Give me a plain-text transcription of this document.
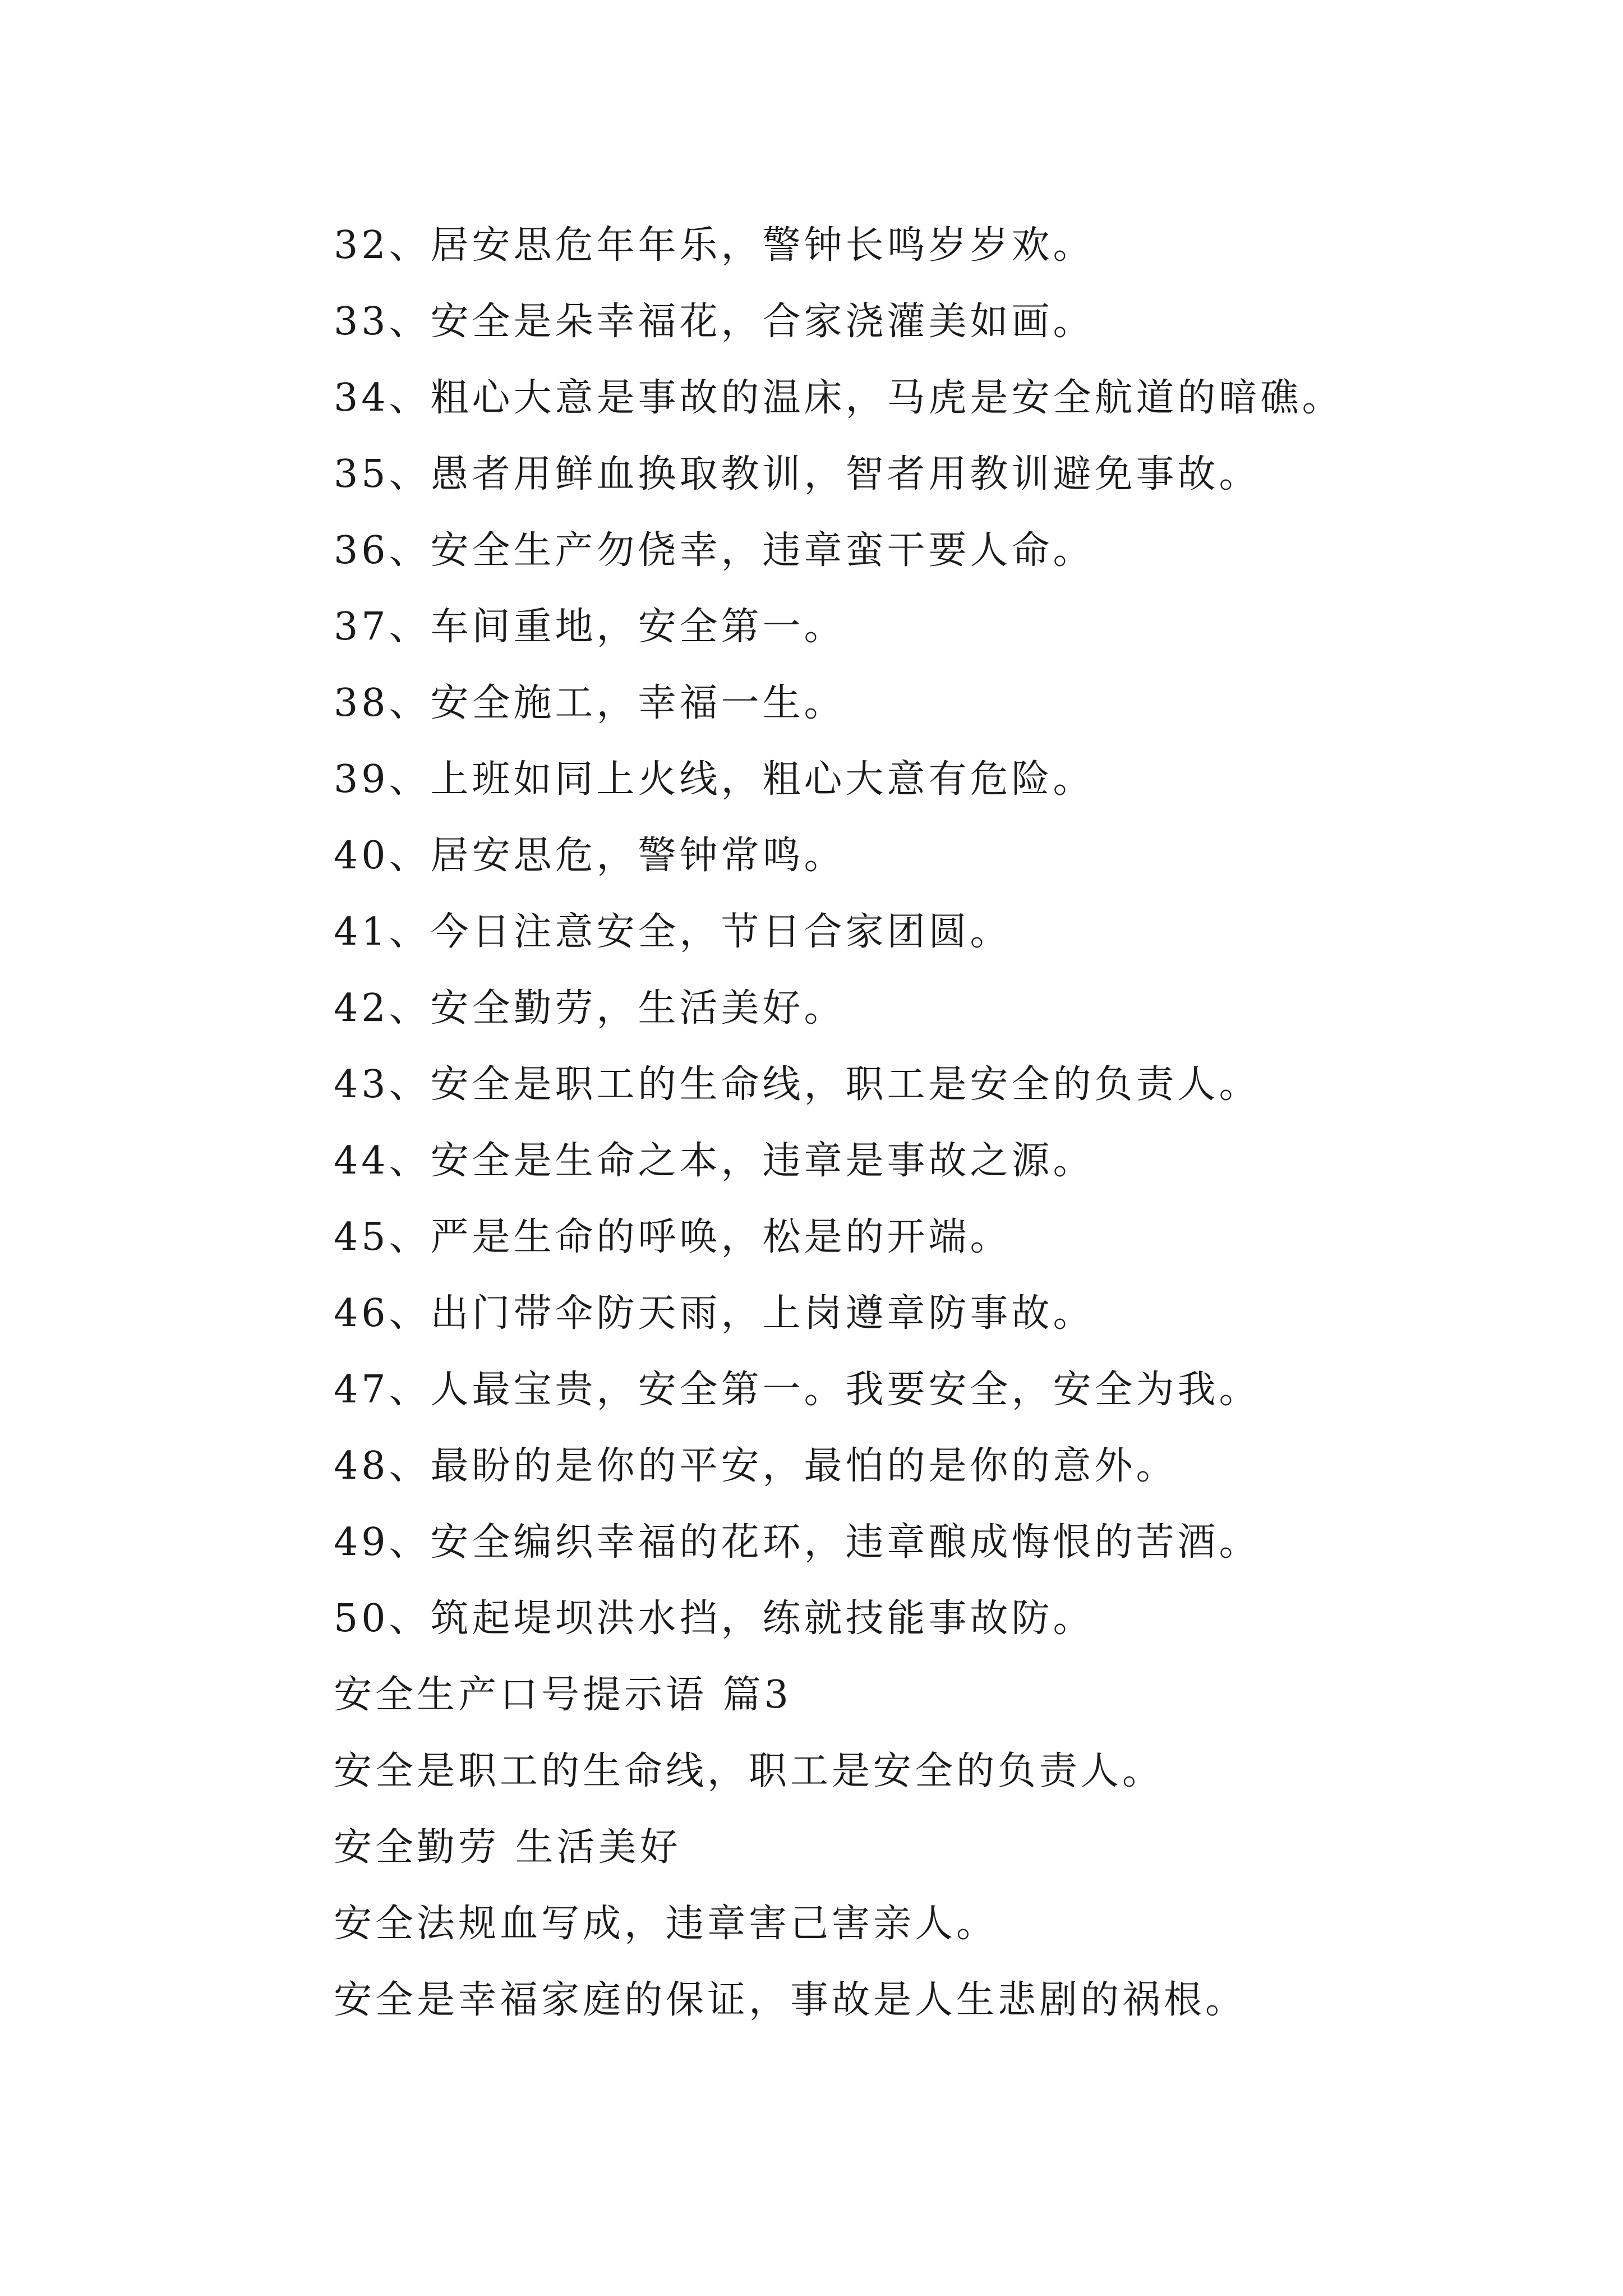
32、居安思危年年乐，警钟长鸣岁岁欢。
33、安全是朵幸福花，合家浇灌美如画。
34、粗心大意是事故的温床，马虎是安全航道的暗礁。
35、愚者用鲜血换取教训，智者用教训避免事故。
36、安全生产勿侥幸，违章蛮干要人命。
37、车间重地，安全第一。
38、安全施工，幸福一生。
39、上班如同上火线，粗心大意有危险。
40、居安思危，警钟常鸣。
41、今日注意安全，节日合家团圆。
42、安全勤劳，生活美好。
43、安全是职工的生命线，职工是安全的负责人。
44、安全是生命之本，违章是事故之源。
45、严是生命的呼唤，松是的开端。
46、出门带伞防天雨，上岗遵章防事故。
47、人最宝贵，安全第一。我要安全，安全为我。
48、最盼的是你的平安，最怕的是你的意外。
49、安全编织幸福的花环，违章酿成悔恨的苦酒。
50、筑起堤坝洪水挡，练就技能事故防。
安全生产口号提示语 篇3
安全是职工的生命线，职工是安全的负责人。
安全勤劳 生活美好
安全法规血写成，违章害己害亲人。
安全是幸福家庭的保证，事故是人生悲剧的祸根。
